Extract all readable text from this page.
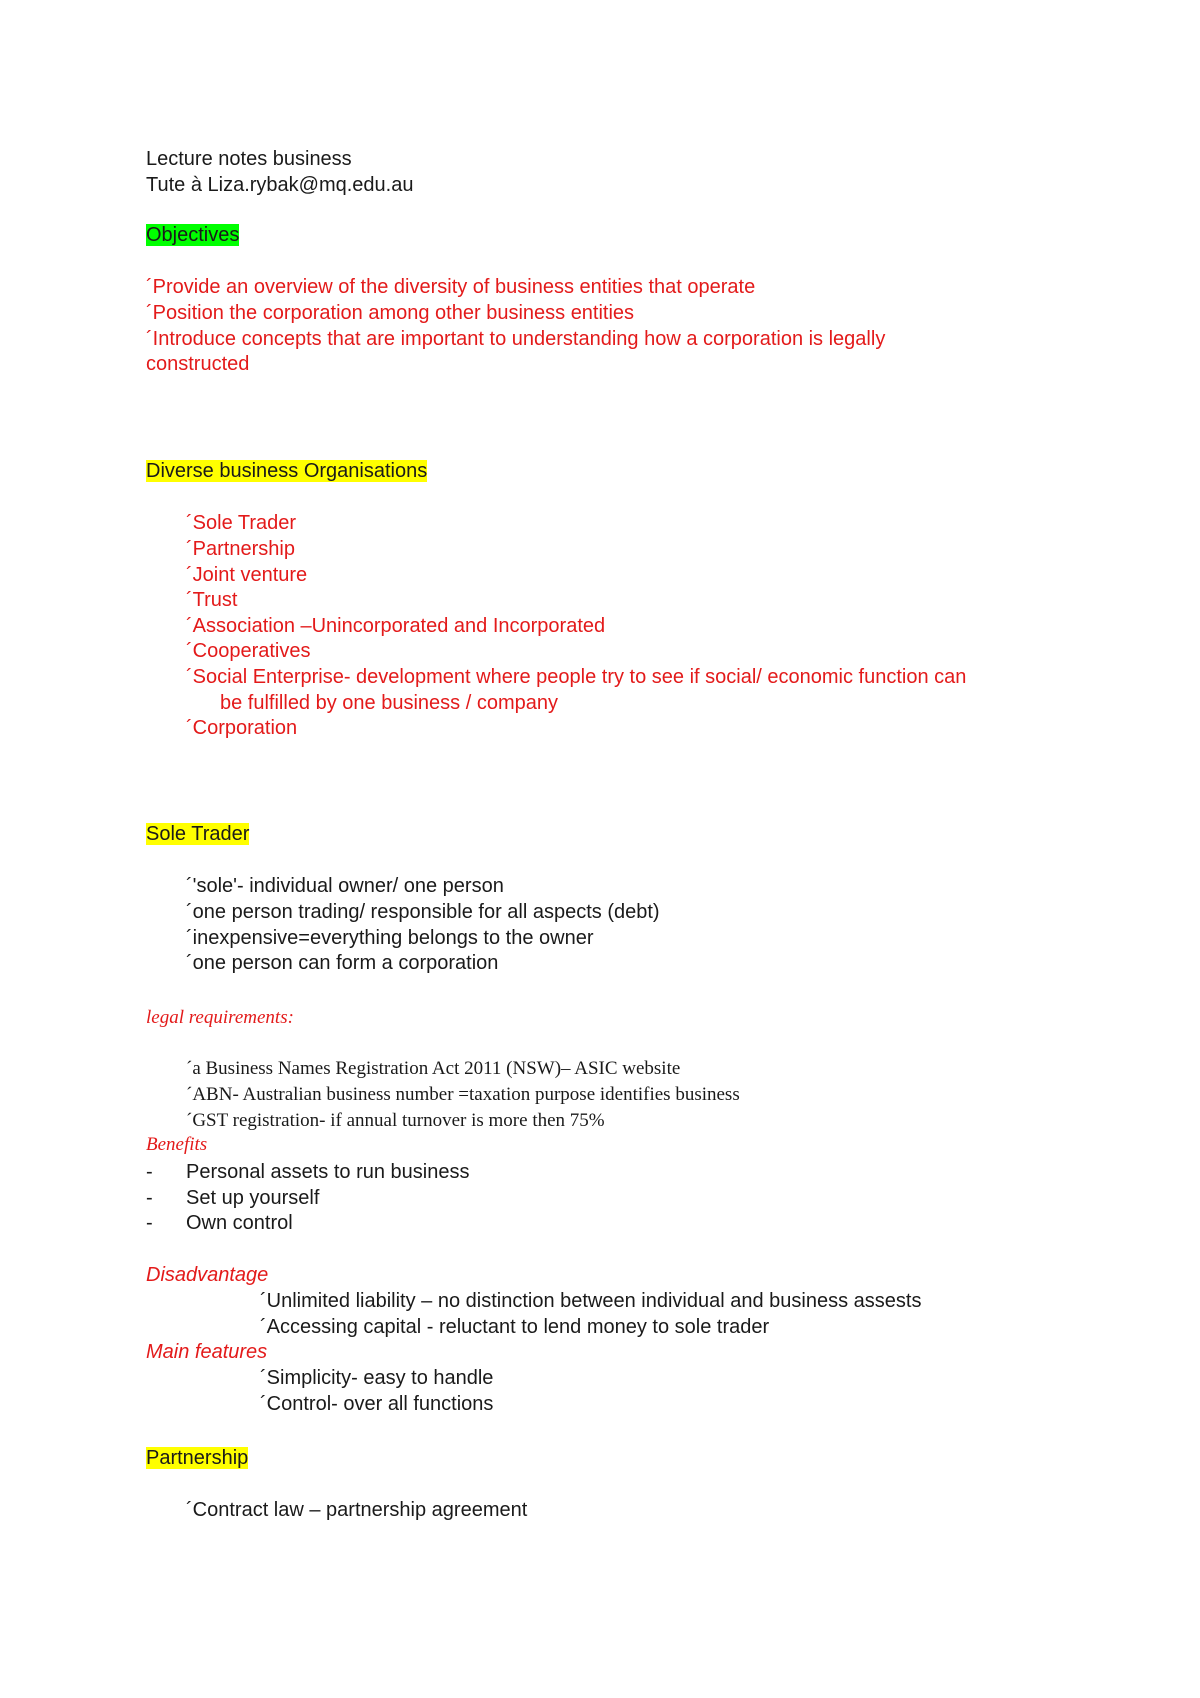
Lecture notes business
Tute à Liza.rybak@mq.edu.au
Objectives
´Provide an overview of the diversity of business entities that operate
´Position the corporation among other business entities
´Introduce concepts that are important to understanding how a corporation is legally
constructed
Diverse business Organisations
´Sole Trader
´Partnership
´Joint venture
´Trust
´Association –Unincorporated and Incorporated
´Cooperatives
´Social Enterprise- development where people try to see if social/ economic function can
be fulfilled by one business / company
´Corporation
Sole Trader
´'sole'- individual owner/ one person
´one person trading/ responsible for all aspects (debt)
´inexpensive=everything belongs to the owner
´one person can form a corporation
legal requirements:
´a Business Names Registration Act 2011 (NSW)– ASIC website
´ABN- Australian business number =taxation purpose identifies business
´GST registration- if annual turnover is more then 75%
Benefits
- Personal assets to run business
- Set up yourself
- Own control
Disadvantage
´Unlimited liability – no distinction between individual and business assests
´Accessing capital - reluctant to lend money to sole trader
Main features
´Simplicity- easy to handle
´Control- over all functions
Partnership
´Contract law – partnership agreement
